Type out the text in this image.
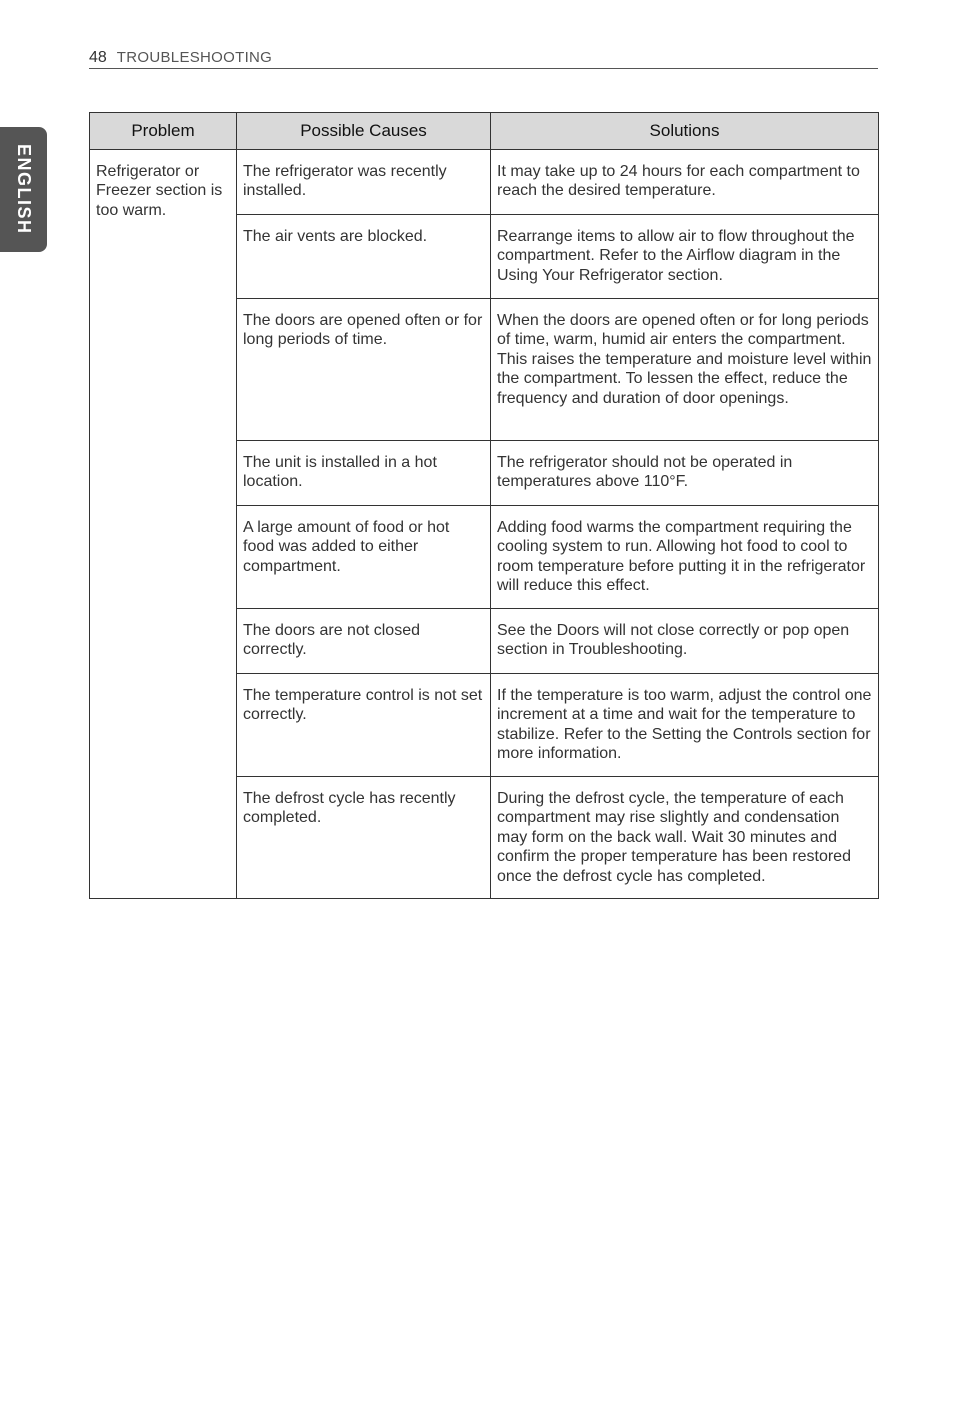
48 TROUBLESHOOTING
ENGLISH
Problem	Possible Causes	Solutions
Refrigerator or Freezer section is too warm.	The refrigerator was recently installed.	It may take up to 24 hours for each compartment to reach the desired temperature.
	The air vents are blocked.	Rearrange items to allow air to flow throughout the compartment. Refer to the Airflow diagram in the Using Your Refrigerator section.
	The doors are opened often or for long periods of time.	When the doors are opened often or for long periods of time, warm, humid air enters the compartment. This raises the temperature and moisture level within the compartment. To lessen the effect, reduce the frequency and duration of door openings.
	The unit is installed in a hot location.	The refrigerator should not be operated in temperatures above 110°F.
	A large amount of food or hot food was added to either compartment.	Adding food warms the compartment requiring the cooling system to run. Allowing hot food to cool to room temperature before putting it in the refrigerator will reduce this effect.
	The doors are not closed correctly.	See the Doors will not close correctly or pop open section in Troubleshooting.
	The temperature control is not set correctly.	If the temperature is too warm, adjust the control one increment at a time and wait for the temperature to stabilize. Refer to the Setting the Controls section for more information.
	The defrost cycle has recently completed.	During the defrost cycle, the temperature of each compartment may rise slightly and condensation may form on the back wall. Wait 30 minutes and confirm the proper temperature has been restored once the defrost cycle has completed.
